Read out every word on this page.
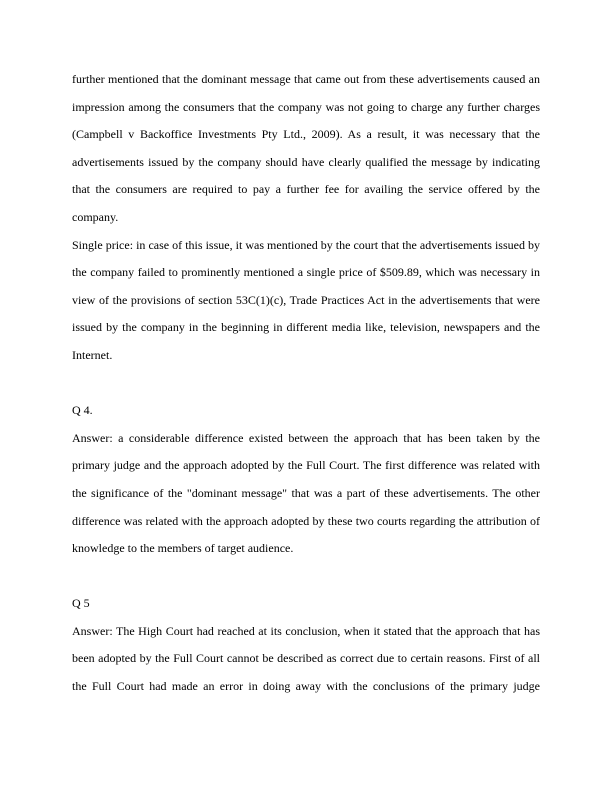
further mentioned that the dominant message that came out from these advertisements caused an impression among the consumers that the company was not going to charge any further charges (Campbell v Backoffice Investments Pty Ltd., 2009). As a result, it was necessary that the advertisements issued by the company should have clearly qualified the message by indicating that the consumers are required to pay a further fee for availing the service offered by the company.

Single price: in case of this issue, it was mentioned by the court that the advertisements issued by the company failed to prominently mentioned a single price of $509.89, which was necessary in view of the provisions of section 53C(1)(c), Trade Practices Act in the advertisements that were issued by the company in the beginning in different media like, television, newspapers and the Internet.

Q 4.

Answer: a considerable difference existed between the approach that has been taken by the primary judge and the approach adopted by the Full Court. The first difference was related with the significance of the "dominant message" that was a part of these advertisements. The other difference was related with the approach adopted by these two courts regarding the attribution of knowledge to the members of target audience.

Q 5

Answer: The High Court had reached at its conclusion, when it stated that the approach that has been adopted by the Full Court cannot be described as correct due to certain reasons. First of all the Full Court had made an error in doing away with the conclusions of the primary judge
